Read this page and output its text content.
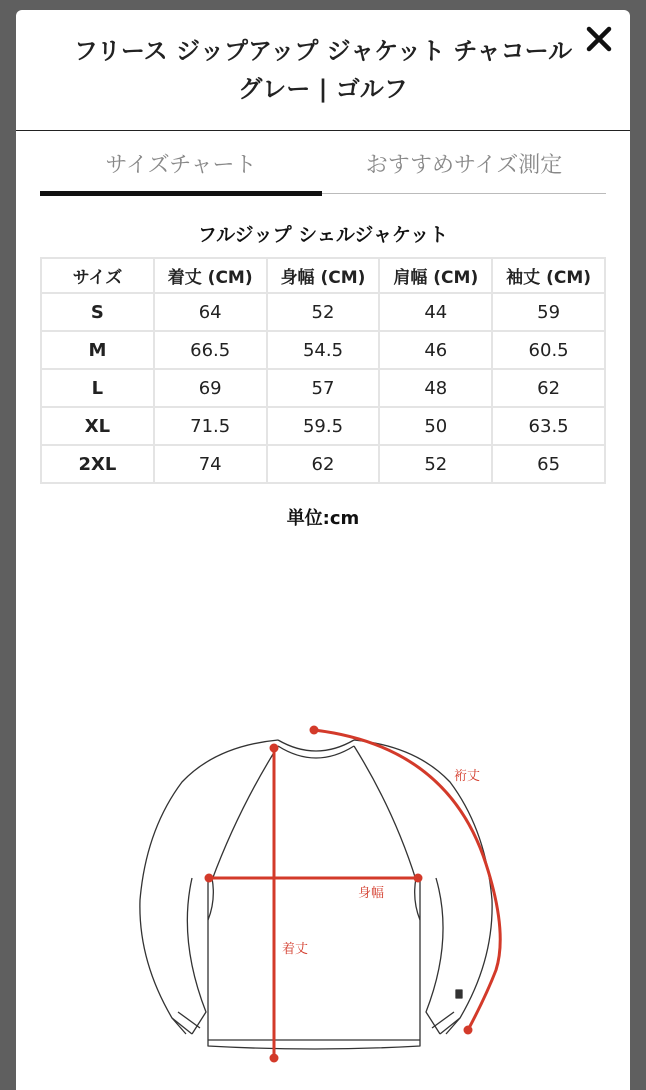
フリース ジップアップ ジャケット チャコールグレー | ゴルフ
サイズチャート	おすすめサイズ測定
フルジップ シェルジャケット
サイズ	着丈 (CM)	身幅 (CM)	肩幅 (CM)	袖丈 (CM)
S	64	52	44	59
M	66.5	54.5	46	60.5
L	69	57	48	62
XL	71.5	59.5	50	63.5
2XL	74	62	52	65
単位:cm
裄丈
身幅
着丈
